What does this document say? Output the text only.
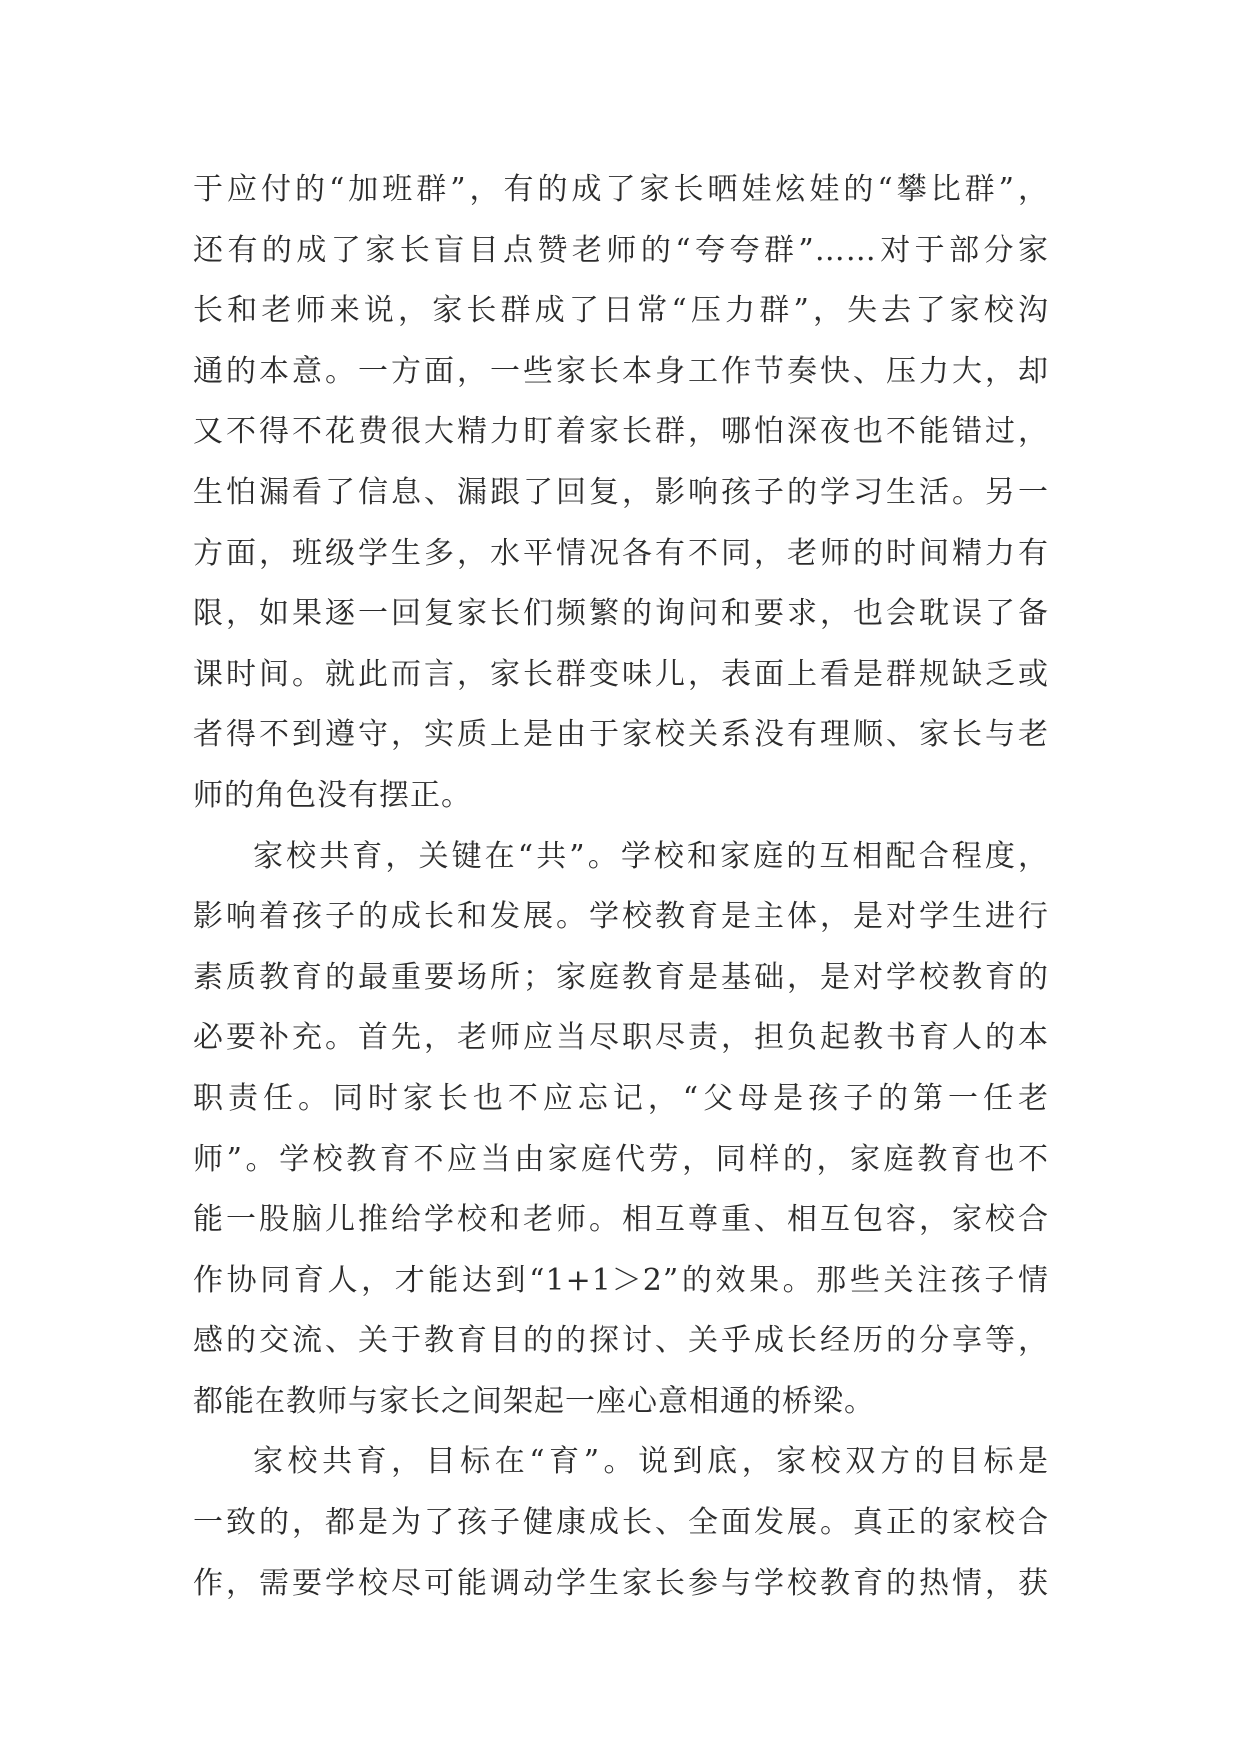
于应付的“加班群”，有的成了家长晒娃炫娃的“攀比群”，
还有的成了家长盲目点赞老师的“夸夸群”……对于部分家
长和老师来说，家长群成了日常“压力群”，失去了家校沟
通的本意。一方面，一些家长本身工作节奏快、压力大，却
又不得不花费很大精力盯着家长群，哪怕深夜也不能错过，
生怕漏看了信息、漏跟了回复，影响孩子的学习生活。另一
方面，班级学生多，水平情况各有不同，老师的时间精力有
限，如果逐一回复家长们频繁的询问和要求，也会耽误了备
课时间。就此而言，家长群变味儿，表面上看是群规缺乏或
者得不到遵守，实质上是由于家校关系没有理顺、家长与老
师的角色没有摆正。
家校共育，关键在“共”。学校和家庭的互相配合程度，
影响着孩子的成长和发展。学校教育是主体，是对学生进行
素质教育的最重要场所；家庭教育是基础，是对学校教育的
必要补充。首先，老师应当尽职尽责，担负起教书育人的本
职责任。同时家长也不应忘记，“父母是孩子的第一任老
师”。学校教育不应当由家庭代劳，同样的，家庭教育也不
能一股脑儿推给学校和老师。相互尊重、相互包容，家校合
作协同育人，才能达到“1+1＞2”的效果。那些关注孩子情
感的交流、关于教育目的的探讨、关乎成长经历的分享等，
都能在教师与家长之间架起一座心意相通的桥梁。
家校共育，目标在“育”。说到底，家校双方的目标是
一致的，都是为了孩子健康成长、全面发展。真正的家校合
作，需要学校尽可能调动学生家长参与学校教育的热情，获
